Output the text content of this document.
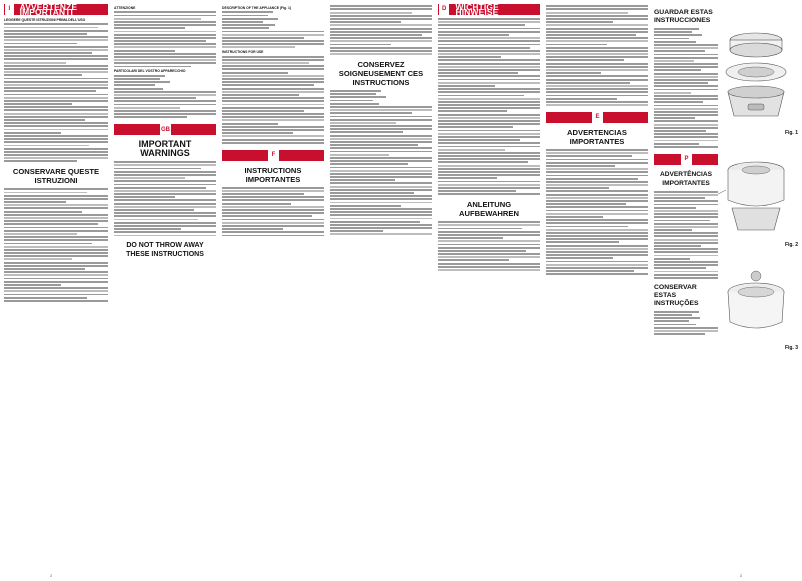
I	AVVERTENZE IMPORTANTI
LEGGERE QUESTE ISTRUZIONI PRIMA DELL'USO
CONSERVARE QUESTE ISTRUZIONI
ATTENZIONE
PARTICOLARI DEL VOSTRO APPARECCHIO
GB
IMPORTANT WARNINGS
DO NOT THROW AWAY THESE INSTRUCTIONS
DESCRIPTION OF THE APPLIANCE (Fig. 1)
INSTRUCTIONS FOR USE
F
INSTRUCTIONS IMPORTANTES
CONSERVEZ SOIGNEUSEMENT CES INSTRUCTIONS
D	WICHTIGE HINWEISE
ANLEITUNG AUFBEWAHREN
E
ADVERTENCIAS IMPORTANTES
GUARDAR ESTAS INSTRUCCIONES
P
ADVERTÊNCIAS IMPORTANTES
CONSERVAR ESTAS INSTRUÇÕES
Fig. 1
Fig. 2
Fig. 3
2	3
